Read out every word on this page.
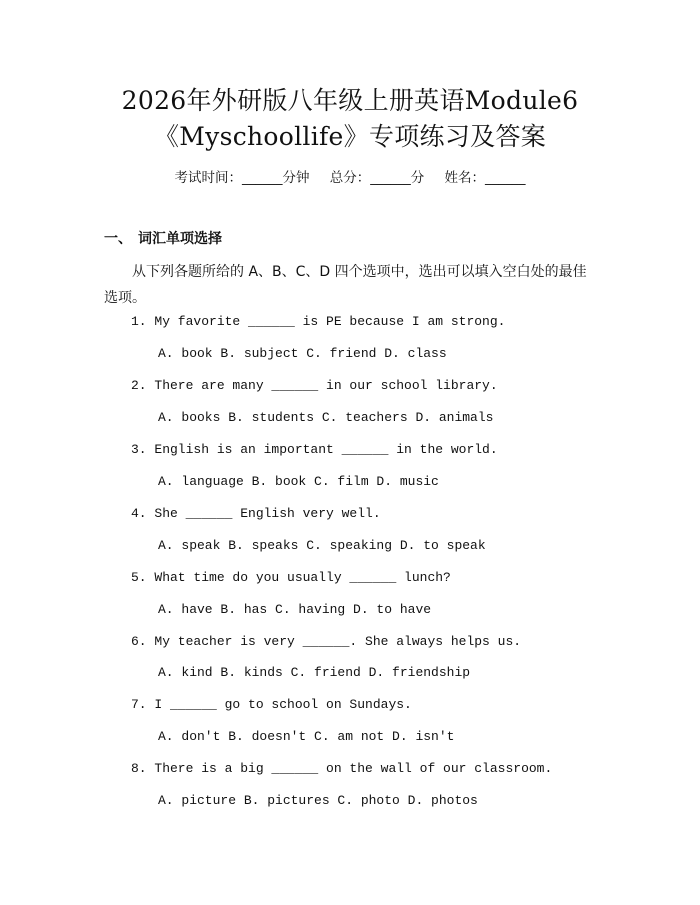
2026年外研版八年级上册英语Module6
《Myschoollife》专项练习及答案
考试时间：______分钟 总分：______分 姓名：______
一、 词汇单项选择
从下列各题所给的 A、B、C、D 四个选项中，选出可以填入空白处的最佳选项。
1. My favorite ______ is PE because I am strong.
A. book B. subject C. friend D. class
2. There are many ______ in our school library.
A. books B. students C. teachers D. animals
3. English is an important ______ in the world.
A. language B. book C. film D. music
4. She ______ English very well.
A. speak B. speaks C. speaking D. to speak
5. What time do you usually ______ lunch?
A. have B. has C. having D. to have
6. My teacher is very ______. She always helps us.
A. kind B. kinds C. friend D. friendship
7. I ______ go to school on Sundays.
A. don't B. doesn't C. am not D. isn't
8. There is a big ______ on the wall of our classroom.
A. picture B. pictures C. photo D. photos
